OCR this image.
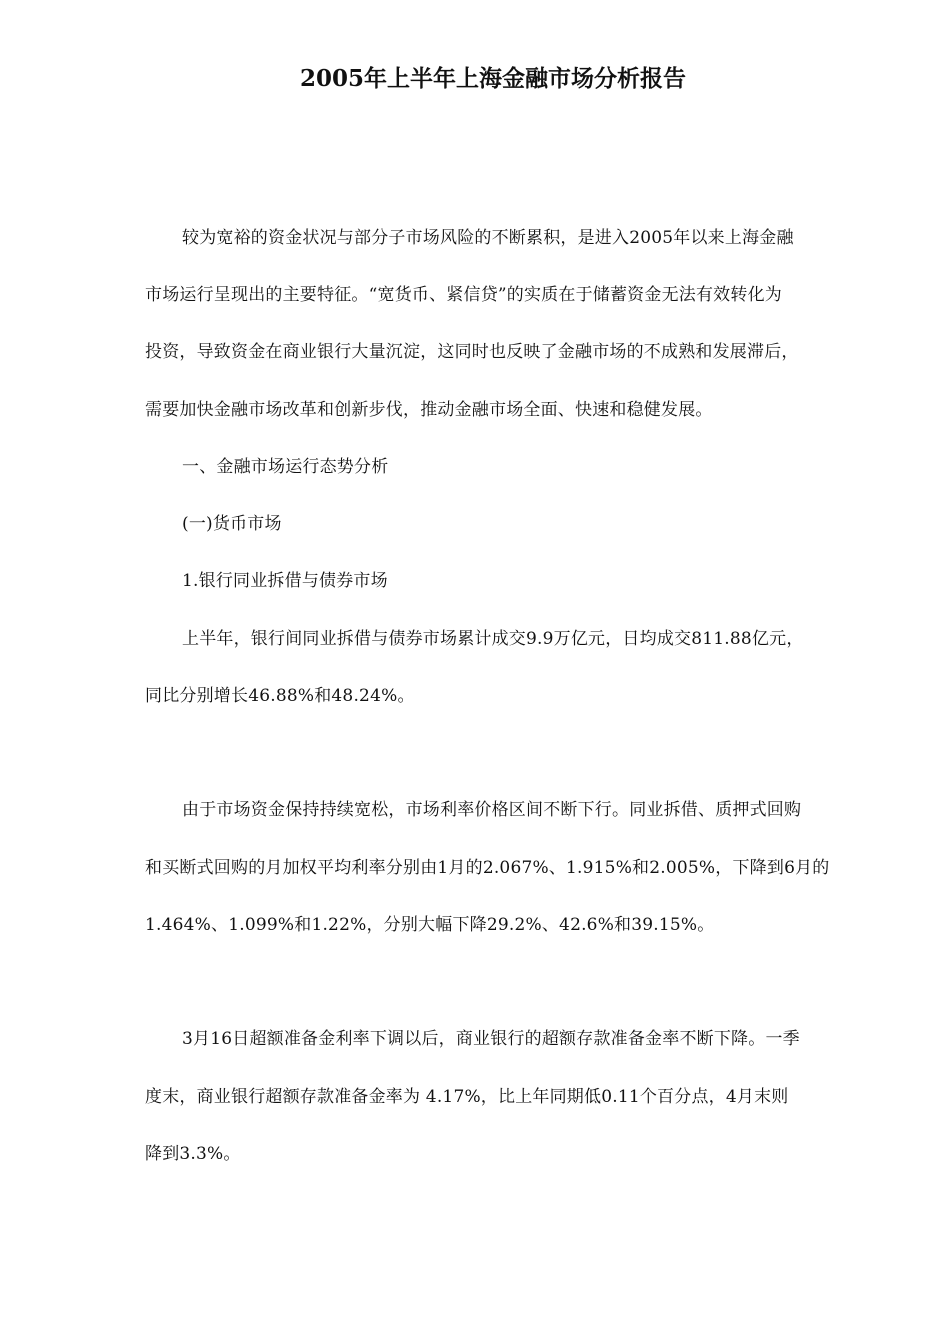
2005年上半年上海金融市场分析报告

较为宽裕的资金状况与部分子市场风险的不断累积，是进入2005年以来上海金融

市场运行呈现出的主要特征。“宽货币、紧信贷”的实质在于储蓄资金无法有效转化为

投资，导致资金在商业银行大量沉淀，这同时也反映了金融市场的不成熟和发展滞后，

需要加快金融市场改革和创新步伐，推动金融市场全面、快速和稳健发展。

一、金融市场运行态势分析

(一)货币市场

1.银行同业拆借与债券市场

上半年，银行间同业拆借与债券市场累计成交9.9万亿元，日均成交811.88亿元，

同比分别增长46.88%和48.24%。

由于市场资金保持持续宽松，市场利率价格区间不断下行。同业拆借、质押式回购

和买断式回购的月加权平均利率分别由1月的2.067%、1.915%和2.005%，下降到6月的

1.464%、1.099%和1.22%，分别大幅下降29.2%、42.6%和39.15%。

3月16日超额准备金利率下调以后，商业银行的超额存款准备金率不断下降。一季

度末，商业银行超额存款准备金率为 4.17%，比上年同期低0.11个百分点，4月末则

降到3.3%。
